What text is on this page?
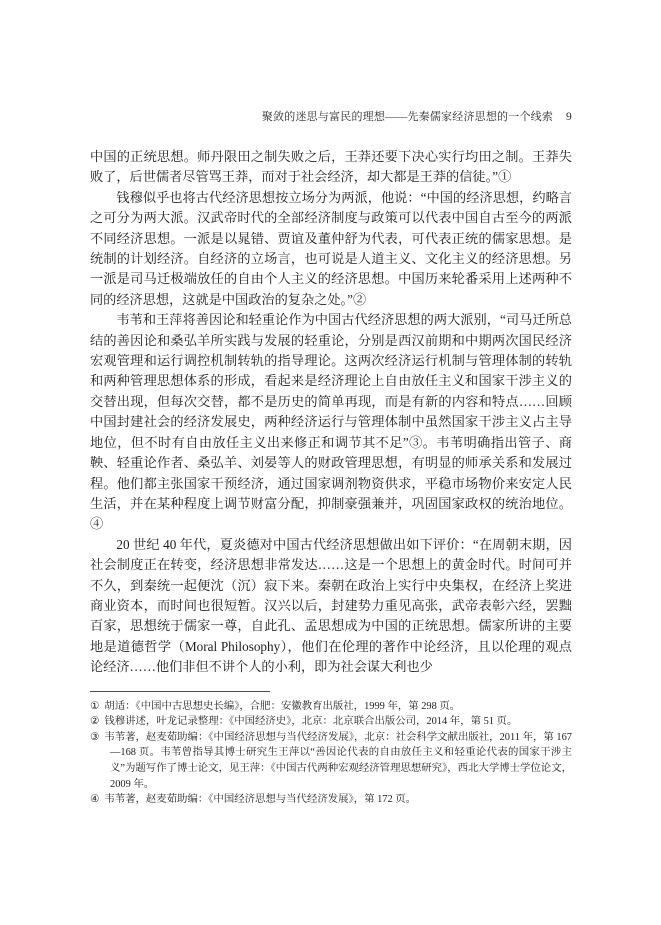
聚敛的迷思与富民的理想——先秦儒家经济思想的一个线索 9

中国的正统思想。师丹限田之制失败之后，王莽还要下决心实行均田之制。王莽失败了，后世儒者尽管骂王莽，而对于社会经济，却大都是王莽的信徒。”①

钱穆似乎也将古代经济思想按立场分为两派，他说：“中国的经济思想，约略言之可分为两大派。汉武帝时代的全部经济制度与政策可以代表中国自古至今的两派不同经济思想。一派是以晁错、贾谊及董仲舒为代表，可代表正统的儒家思想。是统制的计划经济。自经济的立场言，也可说是人道主义、文化主义的经济思想。另一派是司马迁极端放任的自由个人主义的经济思想。中国历来轮番采用上述两种不同的经济思想，这就是中国政治的复杂之处。”②

韦苇和王萍将善因论和轻重论作为中国古代经济思想的两大派别，“司马迁所总结的善因论和桑弘羊所实践与发展的轻重论，分别是西汉前期和中期两次国民经济宏观管理和运行调控机制转轨的指导理论。这两次经济运行机制与管理体制的转轨和两种管理思想体系的形成，看起来是经济理论上自由放任主义和国家干涉主义的交替出现，但每次交替，都不是历史的简单再现，而是有新的内容和特点……回顾中国封建社会的经济发展史，两种经济运行与管理体制中虽然国家干涉主义占主导地位，但不时有自由放任主义出来修正和调节其不足”③。韦苇明确指出管子、商鞅、轻重论作者、桑弘羊、刘晏等人的财政管理思想，有明显的师承关系和发展过程。他们都主张国家干预经济，通过国家调剂物资供求，平稳市场物价来安定人民生活，并在某种程度上调节财富分配，抑制豪强兼并，巩固国家政权的统治地位。④

20 世纪 40 年代，夏炎德对中国古代经济思想做出如下评价：“在周朝末期，因社会制度正在转变，经济思想非常发达……这是一个思想上的黄金时代。时间可并不久，到秦统一起便沈（沉）寂下来。秦朝在政治上实行中央集权，在经济上奖进商业资本，而时间也很短暂。汉兴以后，封建势力重见高张，武帝表彰六经，罢黜百家，思想统于儒家一尊，自此孔、孟思想成为中国的正统思想。儒家所讲的主要地是道德哲学（Moral Philosophy），他们在伦理的著作中论经济，且以伦理的观点论经济……他们非但不讲个人的小利，即为社会谋大利也少

① 胡适：《中国中古思想史长编》，合肥：安徽教育出版社，1999 年，第 298 页。

② 钱穆讲述，叶龙记录整理：《中国经济史》，北京：北京联合出版公司，2014 年，第 51 页。

③ 韦苇著，赵麦茹助编：《中国经济思想与当代经济发展》，北京：社会科学文献出版社，2011 年，第 167—168 页。韦苇曾指导其博士研究生王萍以“善因论代表的自由放任主义和轻重论代表的国家干涉主义”为题写作了博士论文，见王萍：《中国古代两种宏观经济管理思想研究》，西北大学博士学位论文，2009 年。

④ 韦苇著，赵麦茹助编：《中国经济思想与当代经济发展》，第 172 页。
